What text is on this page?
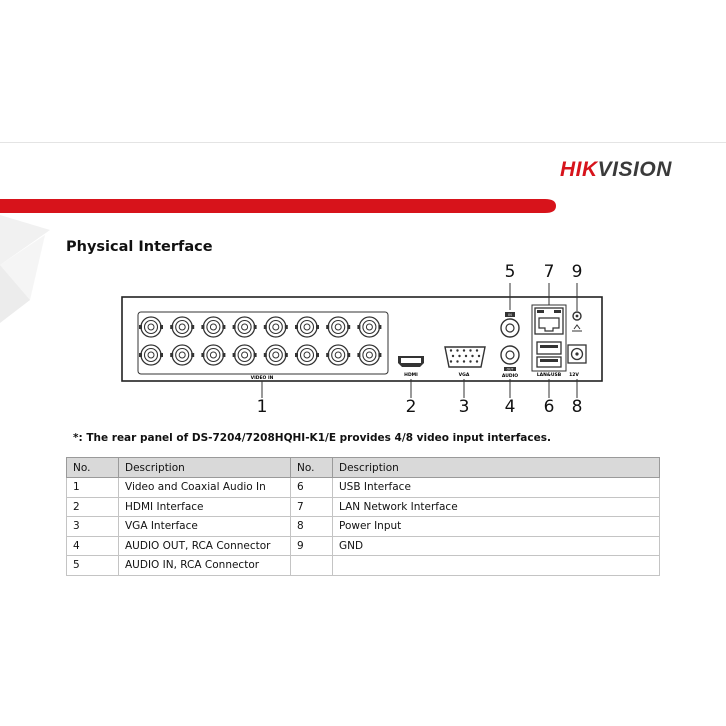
HIKVISION
Physical Interface
VIDEO IN
HDMI	VGA
IN
OUT
AUDIO	LAN&USB 12V
1	2 3 4 6 8
5 7 9
*: The rear panel of DS-7204/7208HQHI-K1/E provides 4/8 video input interfaces.
No.	Description	No.	Description
1	Video and Coaxial Audio In	6	USB Interface
2	HDMI Interface	7	LAN Network Interface
3	VGA Interface	8	Power Input
4	AUDIO OUT, RCA Connector	9	GND
5	AUDIO IN, RCA Connector		
